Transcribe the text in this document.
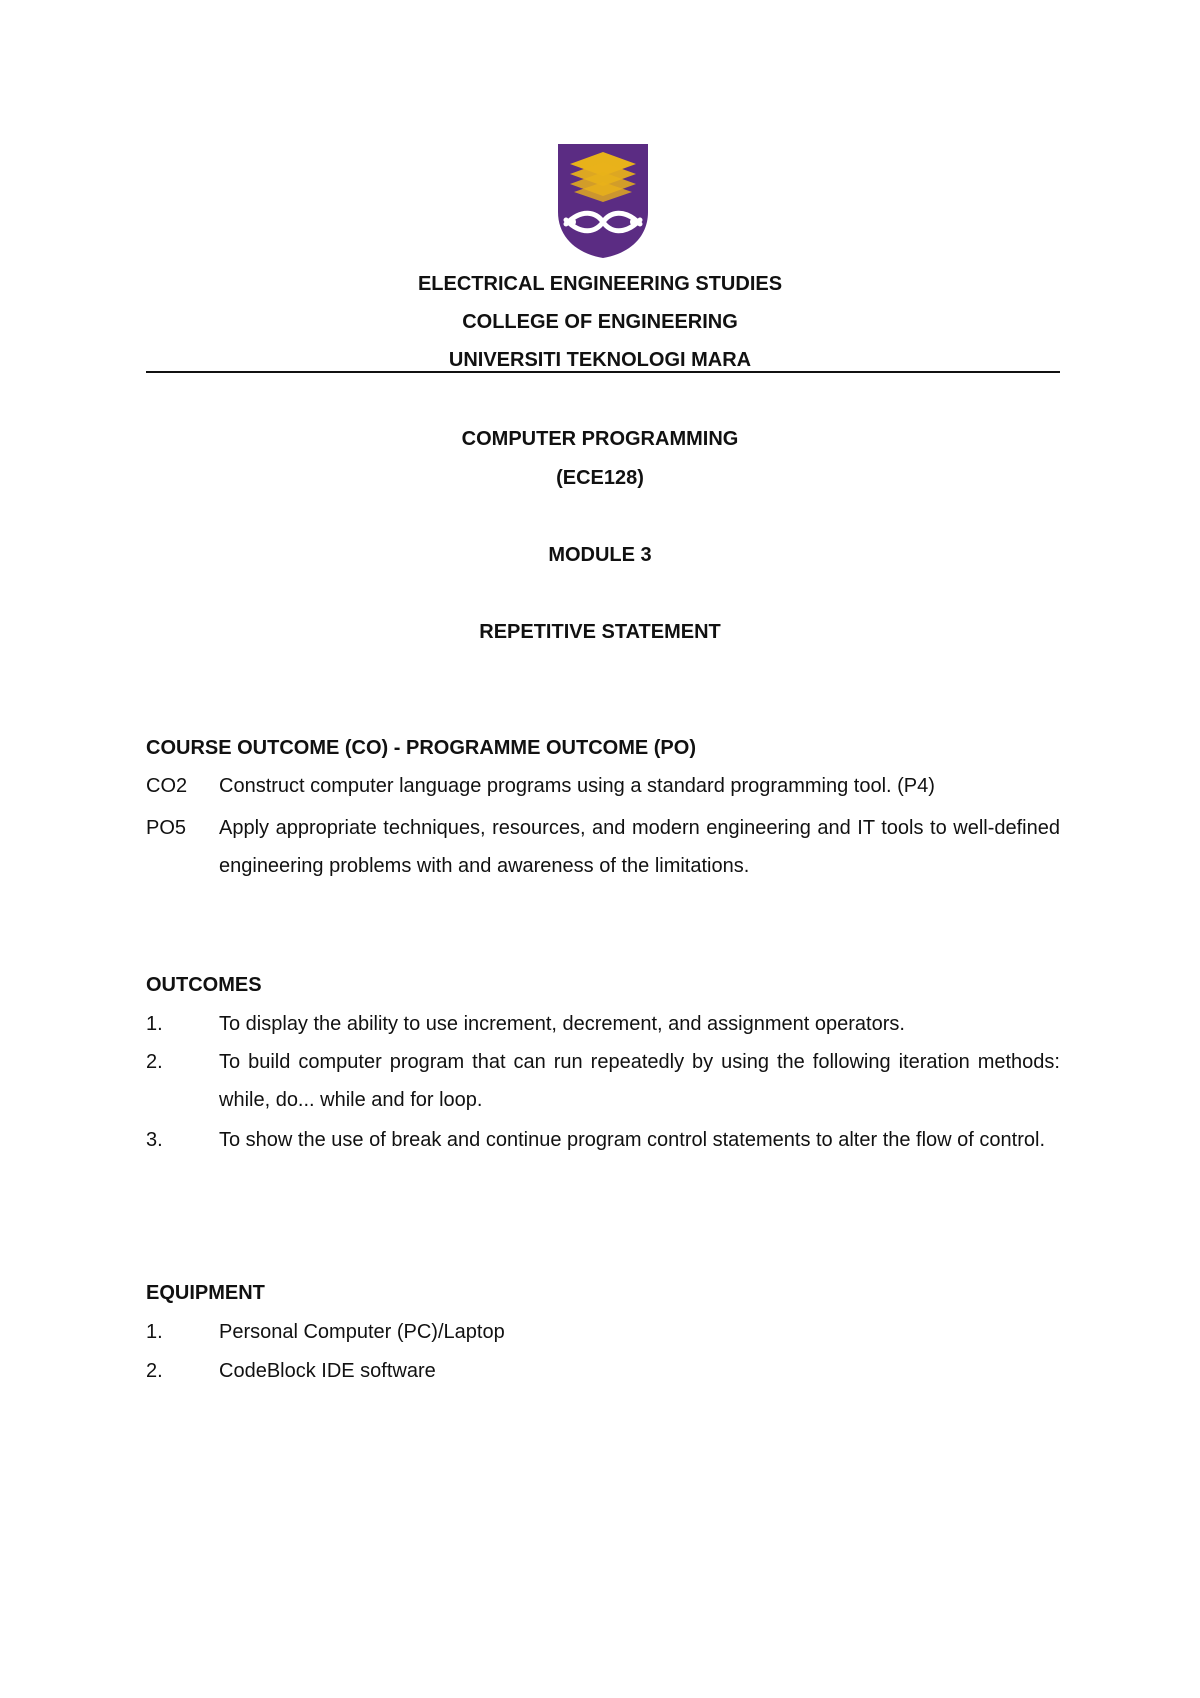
ELECTRICAL ENGINEERING STUDIES
COLLEGE OF ENGINEERING
UNIVERSITI TEKNOLOGI MARA
COMPUTER PROGRAMMING
(ECE128)
MODULE 3
REPETITIVE STATEMENT
COURSE OUTCOME (CO) - PROGRAMME OUTCOME (PO)
CO2 Construct computer language programs using a standard programming tool. (P4)
PO5 Apply appropriate techniques, resources, and modern engineering and IT tools to well-defined engineering problems with and awareness of the limitations.
OUTCOMES
1.	To display the ability to use increment, decrement, and assignment operators.
2.	To build computer program that can run repeatedly by using the following iteration methods: while, do... while and for loop.
3.	To show the use of break and continue program control statements to alter the flow of control.
EQUIPMENT
1.	Personal Computer (PC)/Laptop
2.	CodeBlock IDE software
